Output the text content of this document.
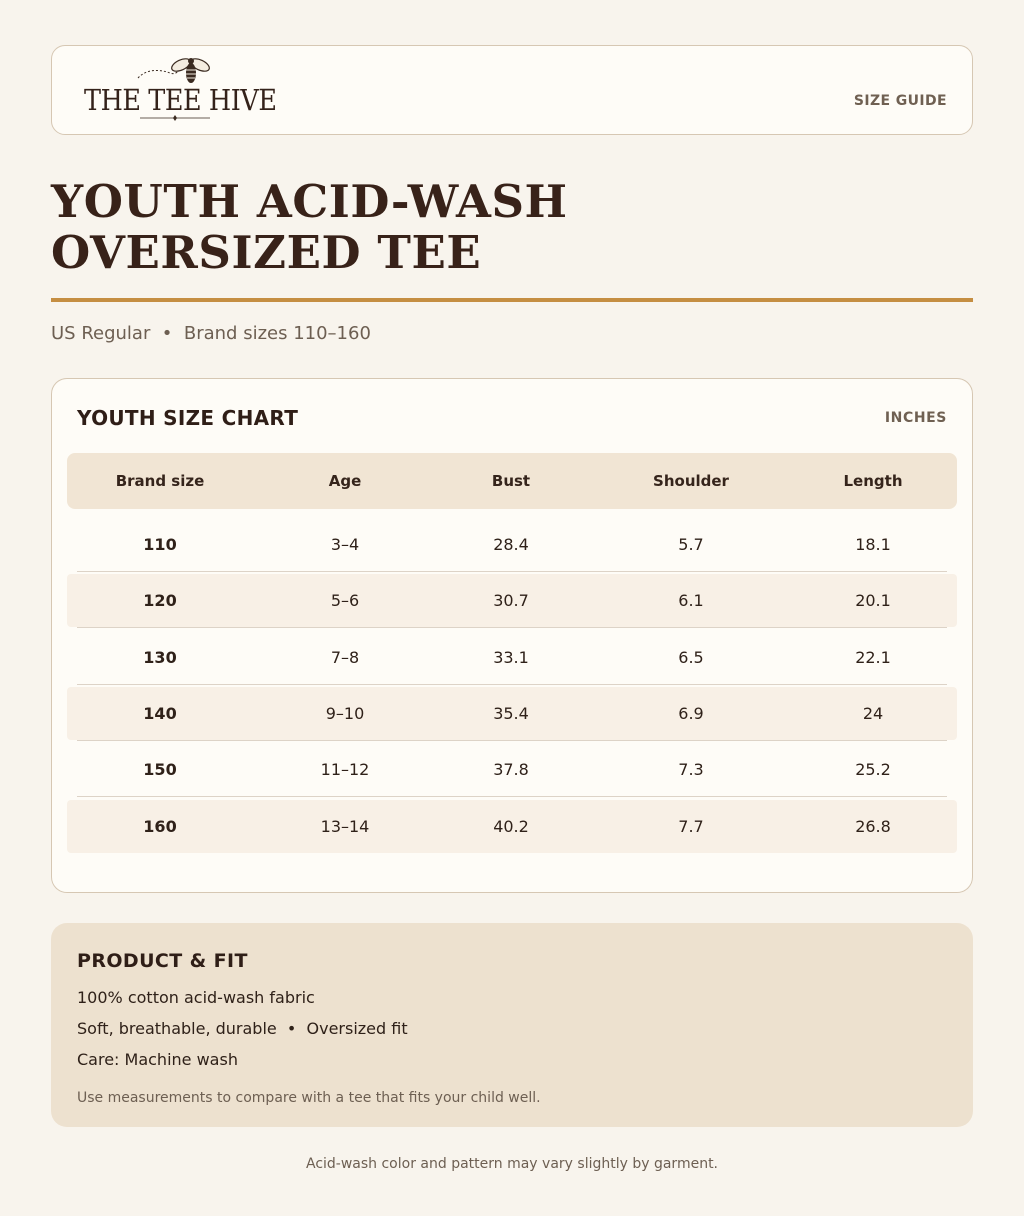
THE TEE HIVE	SIZE GUIDE
YOUTH ACID-WASH
OVERSIZED TEE
US Regular  •  Brand sizes 110–160
YOUTH SIZE CHART	INCHES
Brand size	Age	Bust	Shoulder	Length
110	3–4	28.4	5.7	18.1
120	5–6	30.7	6.1	20.1
130	7–8	33.1	6.5	22.1
140	9–10	35.4	6.9	24
150	11–12	37.8	7.3	25.2
160	13–14	40.2	7.7	26.8
PRODUCT & FIT
100% cotton acid-wash fabric
Soft, breathable, durable  •  Oversized fit
Care: Machine wash
Use measurements to compare with a tee that fits your child well.
Acid-wash color and pattern may vary slightly by garment.
